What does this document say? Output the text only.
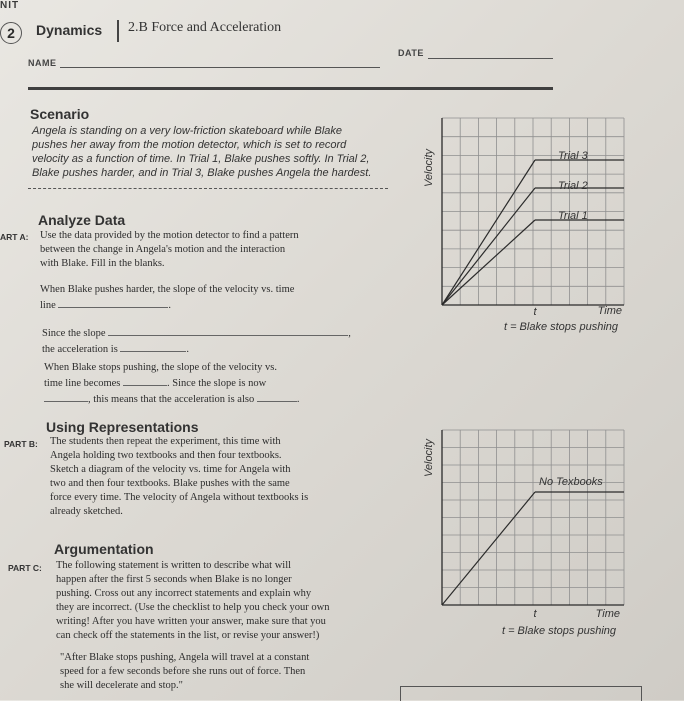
NIT
2	Dynamics 2.B Force and Acceleration
DATE
NAME
Scenario
Angela is standing on a very low-friction skateboard while Blake
pushes her away from the motion detector, which is set to record
velocity as a function of time. In Trial 1, Blake pushes softly. In Trial 2,
Blake pushes harder, and in Trial 3, Blake pushes Angela the hardest.
Analyze Data
ART A: Use the data provided by the motion detector to find a pattern
between the change in Angela's motion and the interaction
with Blake. Fill in the blanks.
When Blake pushes harder, the slope of the velocity vs. time
line	.
Since the slope	,
the acceleration is	.
When Blake stops pushing, the slope of the velocity vs.
time line becomes	. Since the slope is now
, this means that the acceleration is also	.
Using Representations
PART B: The students then repeat the experiment, this time with
Angela holding two textbooks and then four textbooks.
Sketch a diagram of the velocity vs. time for Angela with
two and then four textbooks. Blake pushes with the same
force every time. The velocity of Angela without textbooks is
already sketched.
Argumentation
PART C: The following statement is written to describe what will
happen after the first 5 seconds when Blake is no longer
pushing. Cross out any incorrect statements and explain why
they are incorrect. (Use the checklist to help you check your own
writing! After you have written your answer, make sure that you
can check off the statements in the list, or revise your answer!)
"After Blake stops pushing, Angela will travel at a constant
speed for a few seconds before she runs out of force. Then
she will decelerate and stop."
Velocity	Trial 3
Trial 2
Trial 1
t	Time
t = Blake stops pushing
Velocity
No Texbooks
t	Time
t = Blake stops pushing
